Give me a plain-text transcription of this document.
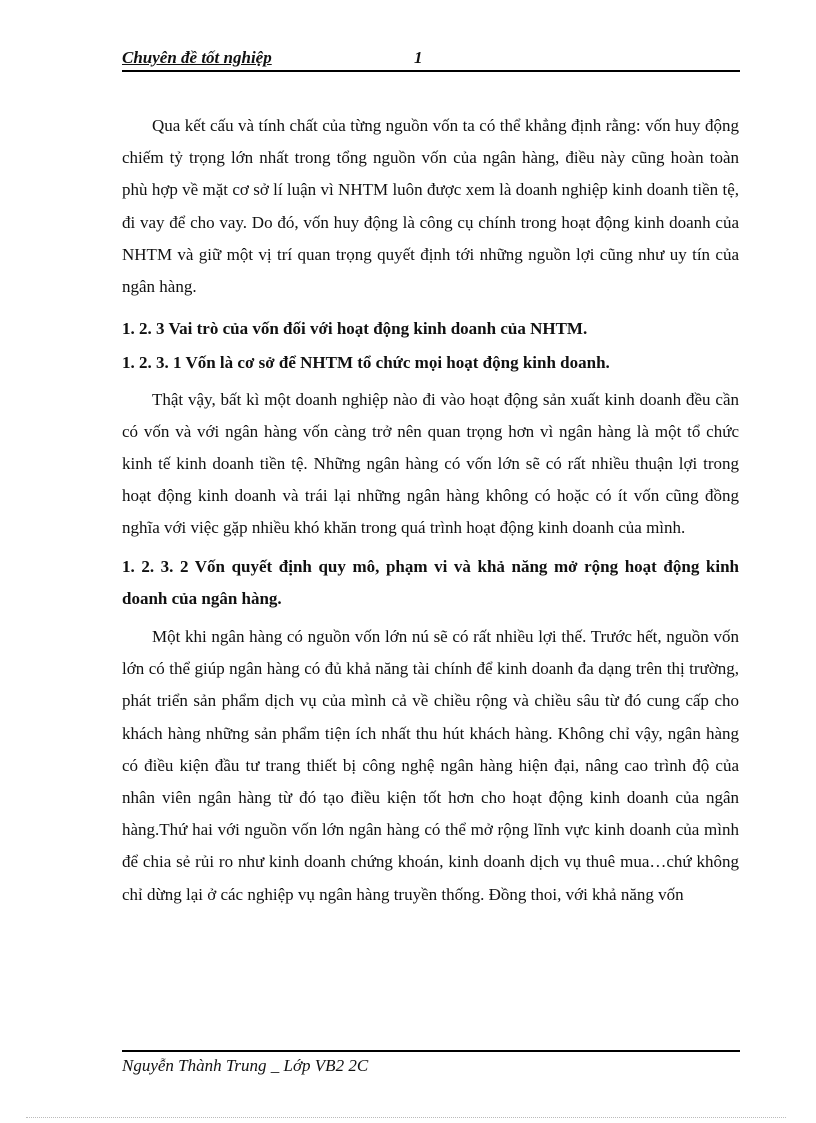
Chuyên đề tốt nghiệp	1

Qua kết cấu và tính chất của từng nguồn vốn ta có thể khẳng định rằng: vốn huy động chiếm tỷ trọng lớn nhất trong tổng nguồn vốn của ngân hàng, điều này cũng hoàn toàn phù hợp về mặt cơ sở lí luận vì NHTM luôn được xem là doanh nghiệp kinh doanh tiền tệ, đi vay để cho vay. Do đó, vốn huy động là công cụ chính trong hoạt động kinh doanh của NHTM và giữ một vị trí quan trọng quyết định tới những nguồn lợi cũng như uy tín của ngân hàng.

1. 2. 3 Vai trò của vốn đối với hoạt động kinh doanh của NHTM.

1. 2. 3. 1 Vốn là cơ sở để NHTM tổ chức mọi hoạt động kinh doanh.

Thật vậy, bất kì một doanh nghiệp nào đi vào hoạt động sản xuất kinh doanh đều cần có vốn và với ngân hàng vốn càng trở nên quan trọng hơn vì ngân hàng là một tổ chức kinh tế kinh doanh tiền tệ. Những ngân hàng có vốn lớn sẽ có rất nhiều thuận lợi trong hoạt động kinh doanh và trái lại những ngân hàng không có hoặc có ít vốn cũng đồng nghĩa với việc gặp nhiều khó khăn trong quá trình hoạt động kinh doanh của mình.

1. 2. 3. 2 Vốn quyết định quy mô, phạm vi và khả năng mở rộng hoạt động kinh doanh của ngân hàng.

Một khi ngân hàng có nguồn vốn lớn nú sẽ có rất nhiều lợi thế. Trước hết, nguồn vốn lớn có thể giúp ngân hàng có đủ khả năng tài chính để kinh doanh đa dạng trên thị trường, phát triển sản phẩm dịch vụ của mình cả về chiều rộng và chiều sâu từ đó cung cấp cho khách hàng những sản phẩm tiện ích nhất thu hút khách hàng. Không chỉ vậy, ngân hàng có điều kiện đầu tư trang thiết bị công nghệ ngân hàng hiện đại, nâng cao trình độ của nhân viên ngân hàng từ đó tạo điều kiện tốt hơn cho hoạt động kinh doanh của ngân hàng.Thứ hai với nguồn vốn lớn ngân hàng có thể mở rộng lĩnh vực kinh doanh của mình để chia sẻ rủi ro như kinh doanh chứng khoán, kinh doanh dịch vụ thuê mua…chứ không chỉ dừng lại ở các nghiệp vụ ngân hàng truyền thống. Đồng thoi, với khả năng vốn

Nguyễn Thành Trung _ Lớp VB2 2C
